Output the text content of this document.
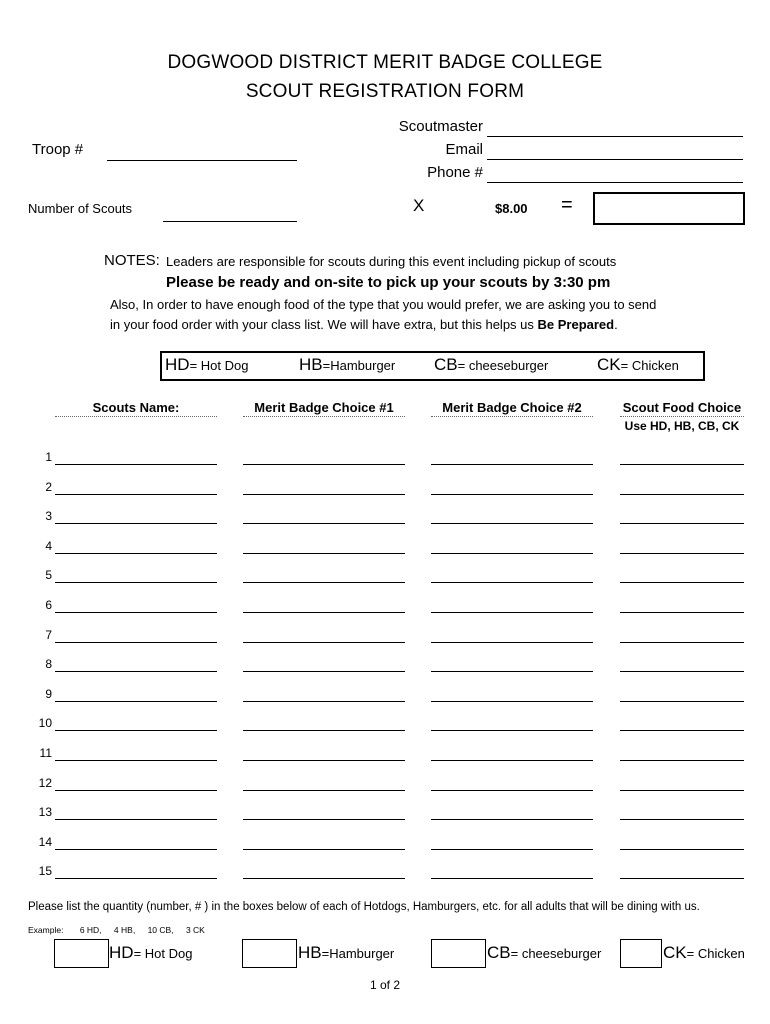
DOGWOOD DISTRICT MERIT BADGE COLLEGE
SCOUT REGISTRATION FORM
Troop #
Scoutmaster
Email
Phone #
Number of Scouts	X	$8.00 =
NOTES: Leaders are responsible for scouts during this event including pickup of scouts
Please be ready and on-site to pick up your scouts by 3:30 pm
Also, In order to have enough food of the type that you would prefer, we are asking you to send
in your food order with your class list. We will have extra, but this helps us Be Prepared.
HD= Hot Dog	HB=Hamburger CB= cheeseburger	CK= Chicken
Scouts Name:	Merit Badge Choice #1	Merit Badge Choice #2	Scout Food Choice
Use HD, HB, CB, CK
1
2
3
4
5
6
7
8
9
10
11
12
13
14
15
Please list the quantity (number, # ) in the boxes below of each of Hotdogs, Hamburgers, etc. for all adults that will be dining with us.
Example: 6 HD, 4 HB, 10 CB, 3 CK
HD= Hot Dog	HB=Hamburger	CB= cheeseburger	CK= Chicken
1 of 2
